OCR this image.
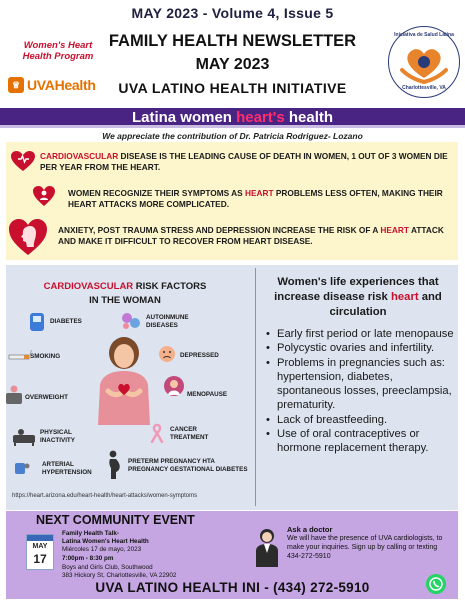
MAY 2023 - Volume 4, Issue 5
FAMILY HEALTH NEWSLETTER
MAY 2023
UVA LATINO HEALTH INITIATIVE
Women's Heart Health Program
♕ UVAHealth
Iniciativa de Salud Latina
Charlottesville, VA
Latina women heart's health
We appreciate the contribution of Dr. Patricia Rodriguez- Lozano
CARDIOVASCULAR DISEASE IS THE LEADING CAUSE OF DEATH IN WOMEN, 1 OUT OF 3 WOMEN DIE PER YEAR FROM THE HEART.
WOMEN RECOGNIZE THEIR SYMPTOMS AS HEART PROBLEMS LESS OFTEN, MAKING THEIR HEART ATTACKS MORE COMPLICATED.
ANXIETY, POST TRAUMA STRESS AND DEPRESSION INCREASE THE RISK OF A HEART ATTACK AND MAKE IT DIFFICULT TO RECOVER FROM HEART DISEASE.
CARDIOVASCULAR RISK FACTORS
IN THE WOMAN
DIABETES
AUTOINMUNE DISEASES
SMOKING	DEPRESSED
OVERWEIGHT	MENOPAUSE
PHYSICAL INACTIVITY
CANCER TREATMENT
ARTERIAL HYPERTENSION
PRETERM PREGNANCY HTA PREGNANCY GESTATIONAL DIABETES
https://heart.arizona.edu/heart-health/heart-attacks/women-symptoms
Women's life experiences that increase disease risk heart and circulation
• Early first period or late menopause
• Polycystic ovaries and infertility.
• Problems in pregnancies such as: hypertension, diabetes, spontaneous losses, preeclampsia, prematurity.
• Lack of breastfeeding.
• Use of oral contraceptives or hormone replacement therapy.
NEXT COMMUNITY EVENT
MAY
17
Family Health Talk-
Latina Women's Heart Health
Miércoles 17 de mayo, 2023
7:00pm - 8:30 pm
Boys and Girls Club, Southwood
383 Hickory St, Charlottesville, VA 22902
Ask a doctor
We will have the presence of UVA cardiologists, to make your inquiries. Sign up by calling or texting 434-272-5910
UVA LATINO HEALTH INI - (434) 272-5910
